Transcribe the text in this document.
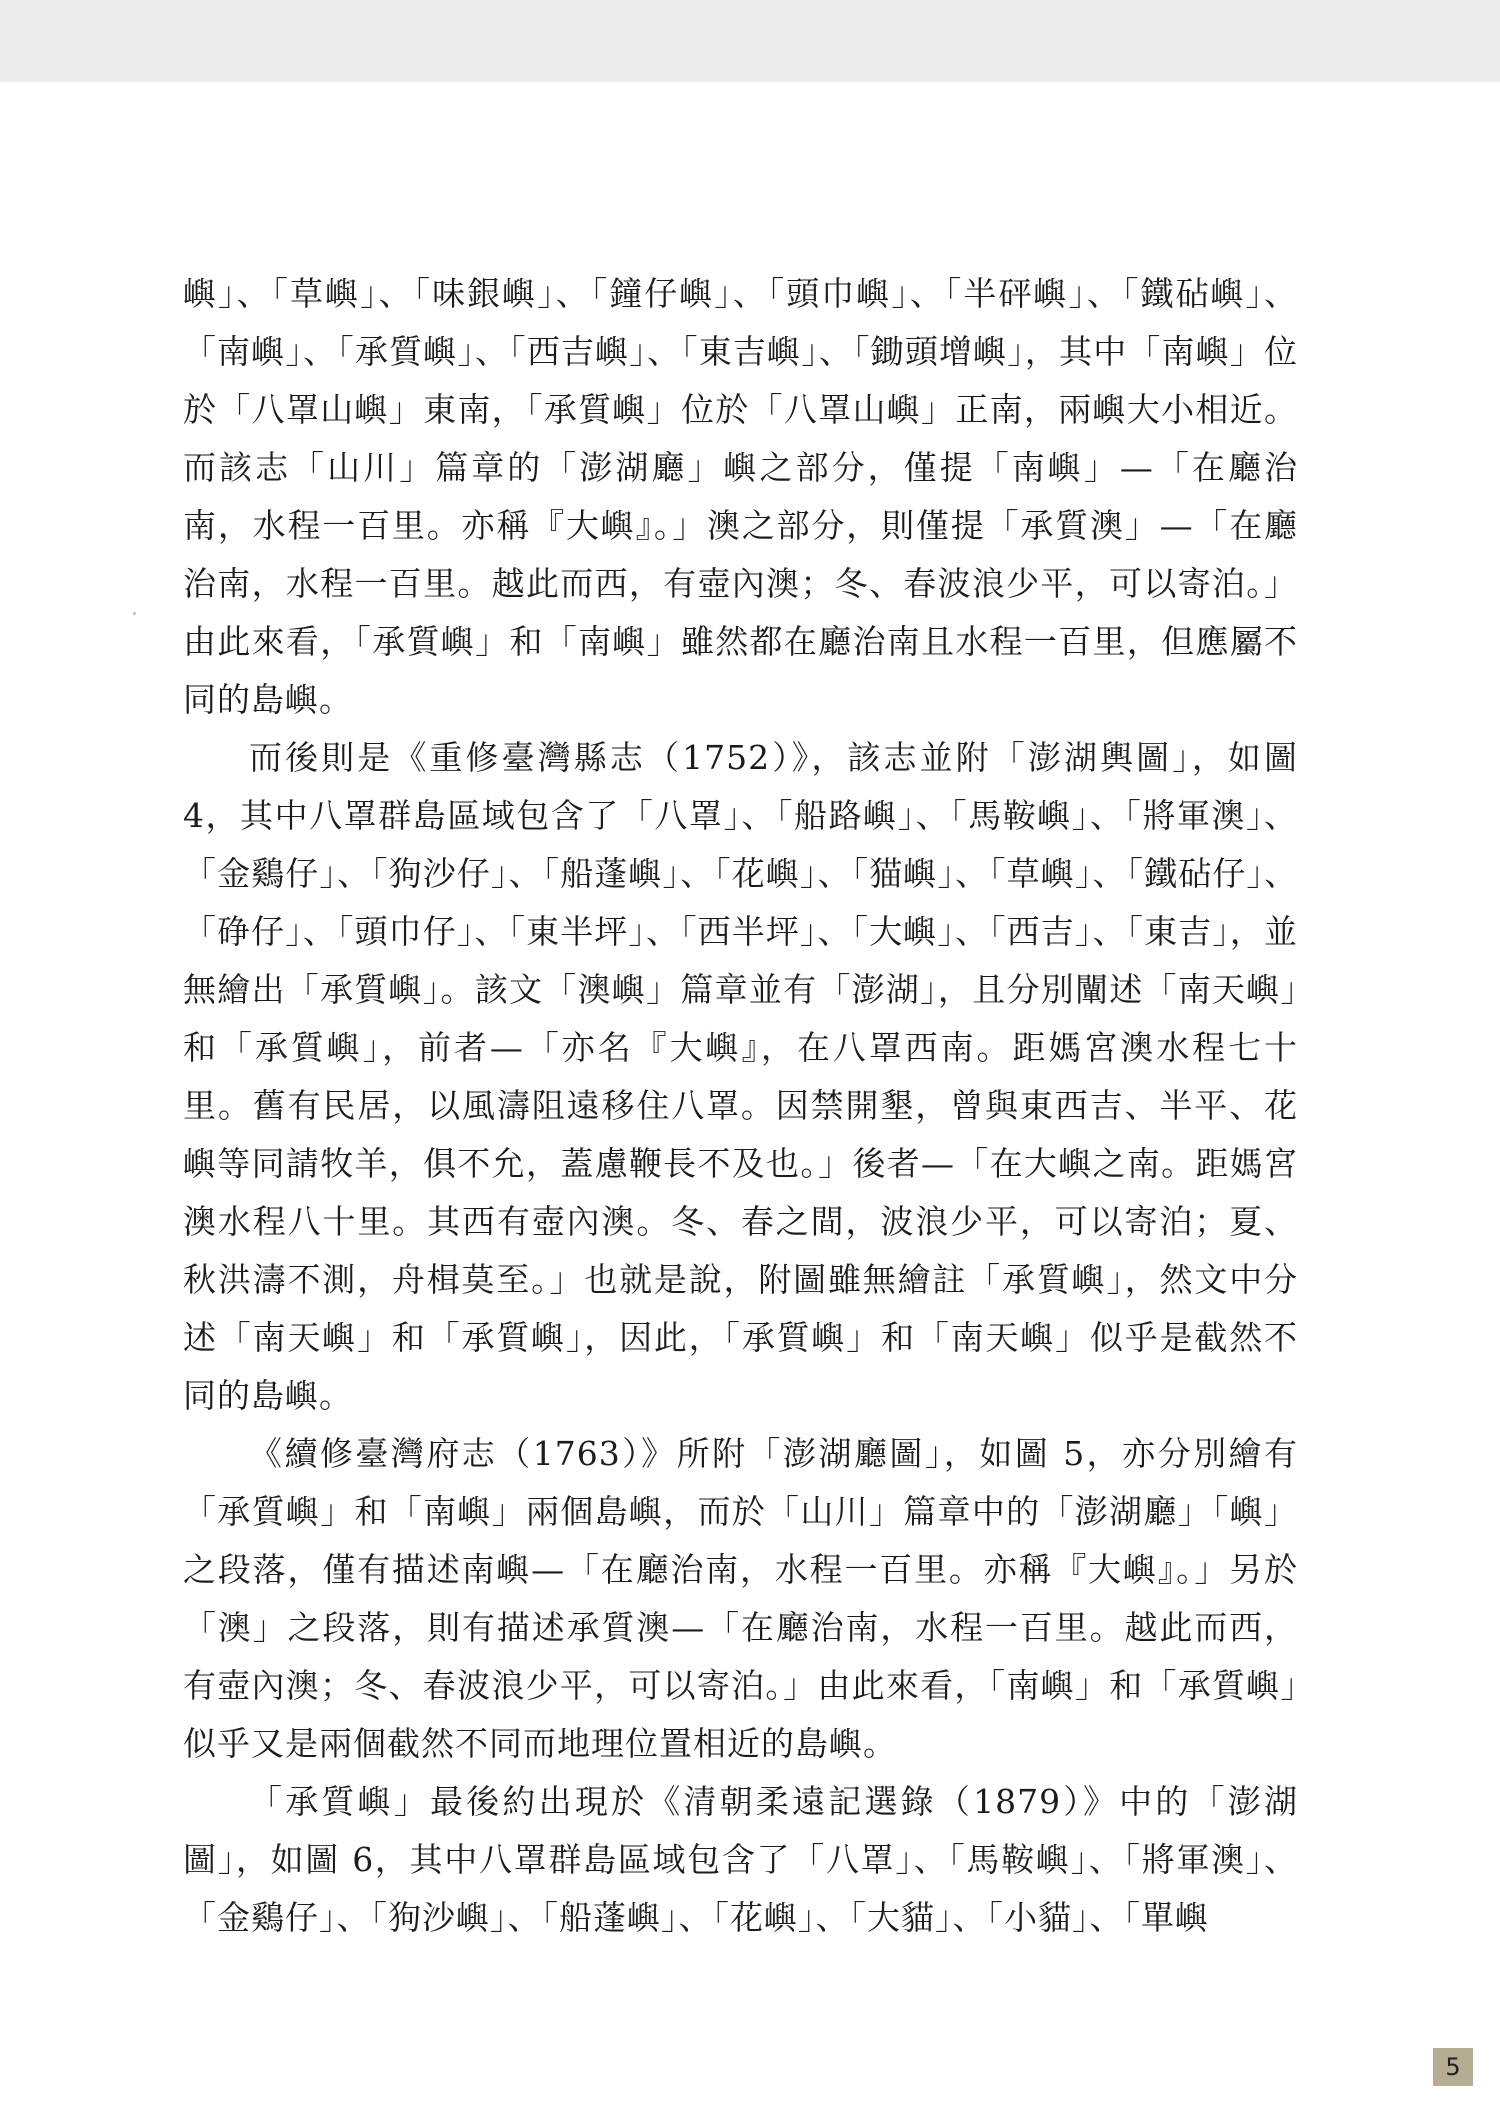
嶼」、「草嶼」、「味銀嶼」、「鐘仔嶼」、「頭巾嶼」、「半砰嶼」、「鐵砧嶼」、「南嶼」、「承質嶼」、「西吉嶼」、「東吉嶼」、「鋤頭增嶼」，其中「南嶼」位於「八罩山嶼」東南，「承質嶼」位於「八罩山嶼」正南，兩嶼大小相近。而該志「山川」篇章的「澎湖廳」嶼之部分，僅提「南嶼」—「在廳治南，水程一百里。亦稱『大嶼』。」澳之部分，則僅提「承質澳」—「在廳治南，水程一百里。越此而西，有壺內澳；冬、春波浪少平，可以寄泊。」由此來看，「承質嶼」和「南嶼」雖然都在廳治南且水程一百里，但應屬不同的島嶼。

而後則是《重修臺灣縣志（1752）》，該志並附「澎湖輿圖」，如圖 4，其中八罩群島區域包含了「八罩」、「船路嶼」、「馬鞍嶼」、「將軍澳」、「金鷄仔」、「狗沙仔」、「船蓬嶼」、「花嶼」、「猫嶼」、「草嶼」、「鐵砧仔」、「碀仔」、「頭巾仔」、「東半坪」、「西半坪」、「大嶼」、「西吉」、「東吉」，並無繪出「承質嶼」。該文「澳嶼」篇章並有「澎湖」，且分別闡述「南天嶼」和「承質嶼」，前者—「亦名『大嶼』，在八罩西南。距媽宮澳水程七十里。舊有民居，以風濤阻遠移住八罩。因禁開墾，曾與東西吉、半平、花嶼等同請牧羊，俱不允，蓋慮鞭長不及也。」後者—「在大嶼之南。距媽宮澳水程八十里。其西有壺內澳。冬、春之間，波浪少平，可以寄泊；夏、秋洪濤不測，舟楫莫至。」也就是說，附圖雖無繪註「承質嶼」，然文中分述「南天嶼」和「承質嶼」，因此，「承質嶼」和「南天嶼」似乎是截然不同的島嶼。

《續修臺灣府志（1763）》所附「澎湖廳圖」，如圖 5，亦分別繪有「承質嶼」和「南嶼」兩個島嶼，而於「山川」篇章中的「澎湖廳」「嶼」之段落，僅有描述南嶼—「在廳治南，水程一百里。亦稱『大嶼』。」另於「澳」之段落，則有描述承質澳—「在廳治南，水程一百里。越此而西，有壺內澳；冬、春波浪少平，可以寄泊。」由此來看，「南嶼」和「承質嶼」似乎又是兩個截然不同而地理位置相近的島嶼。

「承質嶼」最後約出現於《清朝柔遠記選錄（1879）》中的「澎湖圖」，如圖 6，其中八罩群島區域包含了「八罩」、「馬鞍嶼」、「將軍澳」、「金鷄仔」、「狗沙嶼」、「船蓬嶼」、「花嶼」、「大貓」、「小貓」、「單嶼

5
